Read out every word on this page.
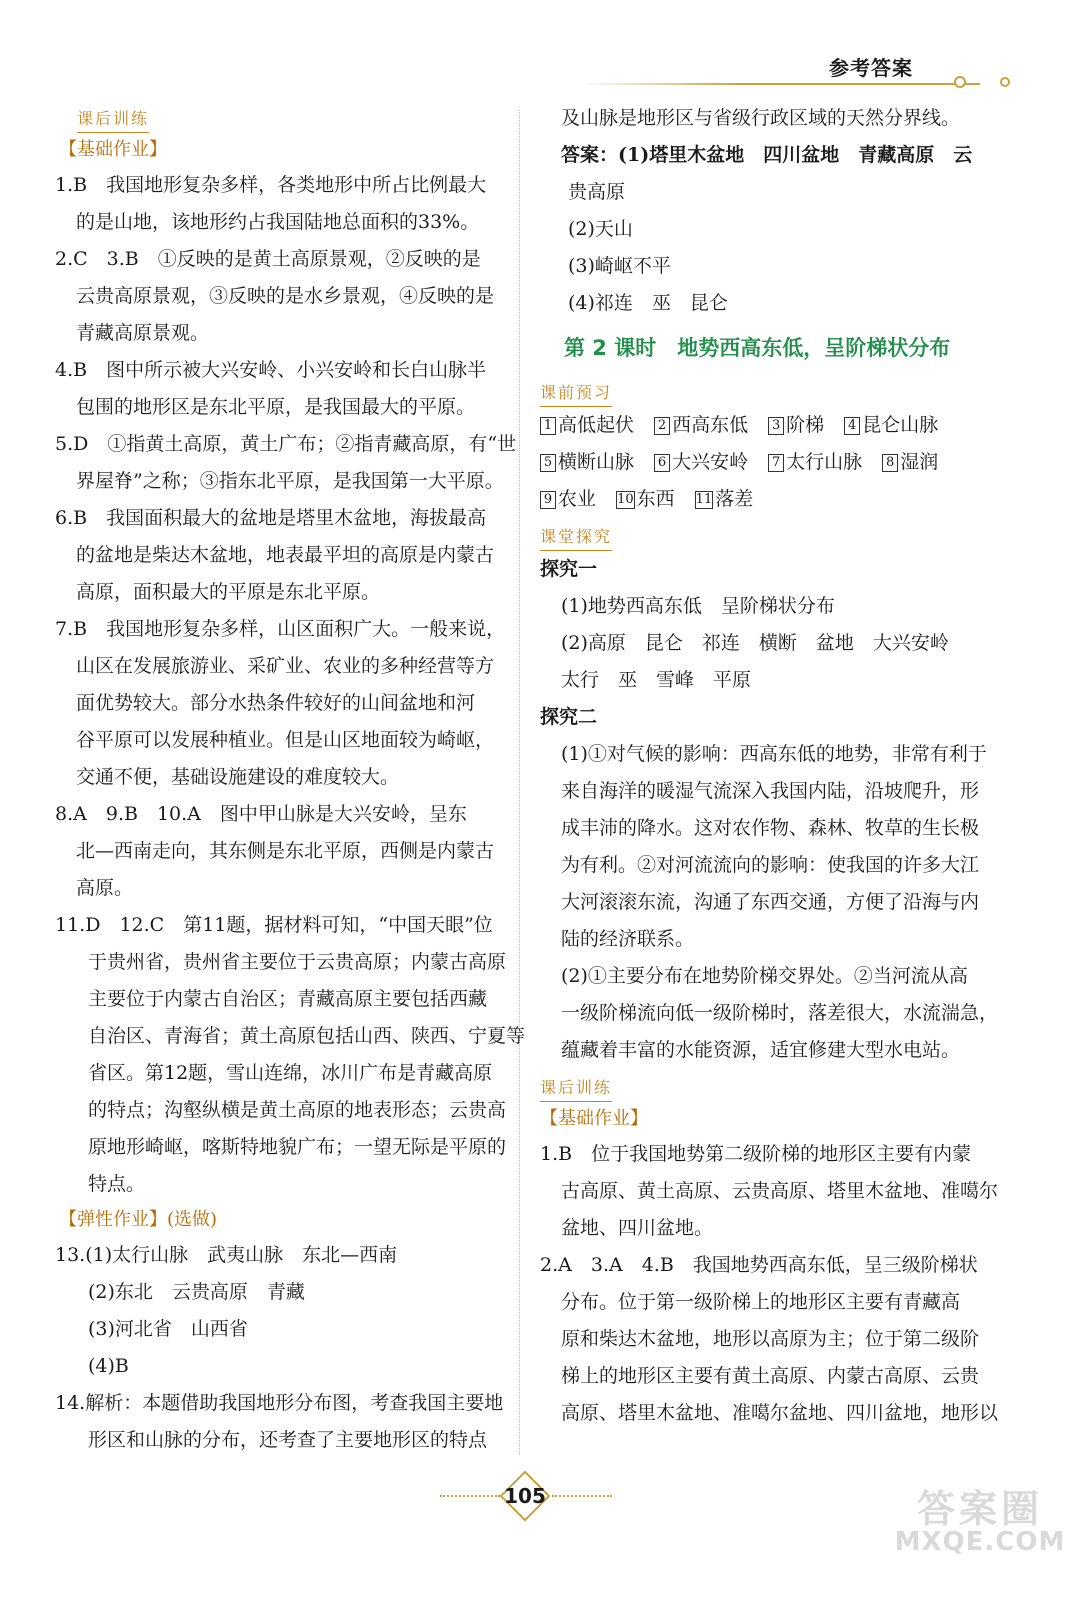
参考答案
课后训练
【基础作业】
1.B　我国地形复杂多样，各类地形中所占比例最大
的是山地，该地形约占我国陆地总面积的33%。
2.C　3.B　①反映的是黄土高原景观，②反映的是
云贵高原景观，③反映的是水乡景观，④反映的是
青藏高原景观。
4.B　图中所示被大兴安岭、小兴安岭和长白山脉半
包围的地形区是东北平原，是我国最大的平原。
5.D　①指黄土高原，黄土广布；②指青藏高原，有“世
界屋脊”之称；③指东北平原，是我国第一大平原。
6.B　我国面积最大的盆地是塔里木盆地，海拔最高
的盆地是柴达木盆地，地表最平坦的高原是内蒙古
高原，面积最大的平原是东北平原。
7.B　我国地形复杂多样，山区面积广大。一般来说，
山区在发展旅游业、采矿业、农业的多种经营等方
面优势较大。部分水热条件较好的山间盆地和河
谷平原可以发展种植业。但是山区地面较为崎岖，
交通不便，基础设施建设的难度较大。
8.A　9.B　10.A　图中甲山脉是大兴安岭，呈东
北—西南走向，其东侧是东北平原，西侧是内蒙古
高原。
11.D　12.C　第11题，据材料可知，“中国天眼”位
于贵州省，贵州省主要位于云贵高原；内蒙古高原
主要位于内蒙古自治区；青藏高原主要包括西藏
自治区、青海省；黄土高原包括山西、陕西、宁夏等
省区。第12题，雪山连绵，冰川广布是青藏高原
的特点；沟壑纵横是黄土高原的地表形态；云贵高
原地形崎岖，喀斯特地貌广布；一望无际是平原的
特点。
【弹性作业】(选做)
13.(1)太行山脉　武夷山脉　东北—西南
(2)东北　云贵高原　青藏
(3)河北省　山西省
(4)B
14.解析：本题借助我国地形分布图，考查我国主要地
形区和山脉的分布，还考查了主要地形区的特点
及山脉是地形区与省级行政区域的天然分界线。
答案：(1)塔里木盆地　四川盆地　青藏高原　云
贵高原
(2)天山
(3)崎岖不平
(4)祁连　巫　昆仑
第 2 课时　地势西高东低，呈阶梯状分布
课前预习
1 高低起伏 2 西高东低 3 阶梯 4 昆仑山脉
5 横断山脉 6 大兴安岭 7 太行山脉 8 湿润
9 农业 10 东西 11 落差
课堂探究
探究一
(1)地势西高东低　呈阶梯状分布
(2)高原　昆仑　祁连　横断　盆地　大兴安岭
太行　巫　雪峰　平原
探究二
(1)①对气候的影响：西高东低的地势，非常有利于
来自海洋的暖湿气流深入我国内陆，沿坡爬升，形
成丰沛的降水。这对农作物、森林、牧草的生长极
为有利。②对河流流向的影响：使我国的许多大江
大河滚滚东流，沟通了东西交通，方便了沿海与内
陆的经济联系。
(2)①主要分布在地势阶梯交界处。②当河流从高
一级阶梯流向低一级阶梯时，落差很大，水流湍急，
蕴藏着丰富的水能资源，适宜修建大型水电站。
课后训练
【基础作业】
1.B　位于我国地势第二级阶梯的地形区主要有内蒙
古高原、黄土高原、云贵高原、塔里木盆地、准噶尔
盆地、四川盆地。
2.A　3.A　4.B　我国地势西高东低，呈三级阶梯状
分布。位于第一级阶梯上的地形区主要有青藏高
原和柴达木盆地，地形以高原为主；位于第二级阶
梯上的地形区主要有黄土高原、内蒙古高原、云贵
高原、塔里木盆地、准噶尔盆地、四川盆地，地形以
105	答案圈
MXQE.COM
